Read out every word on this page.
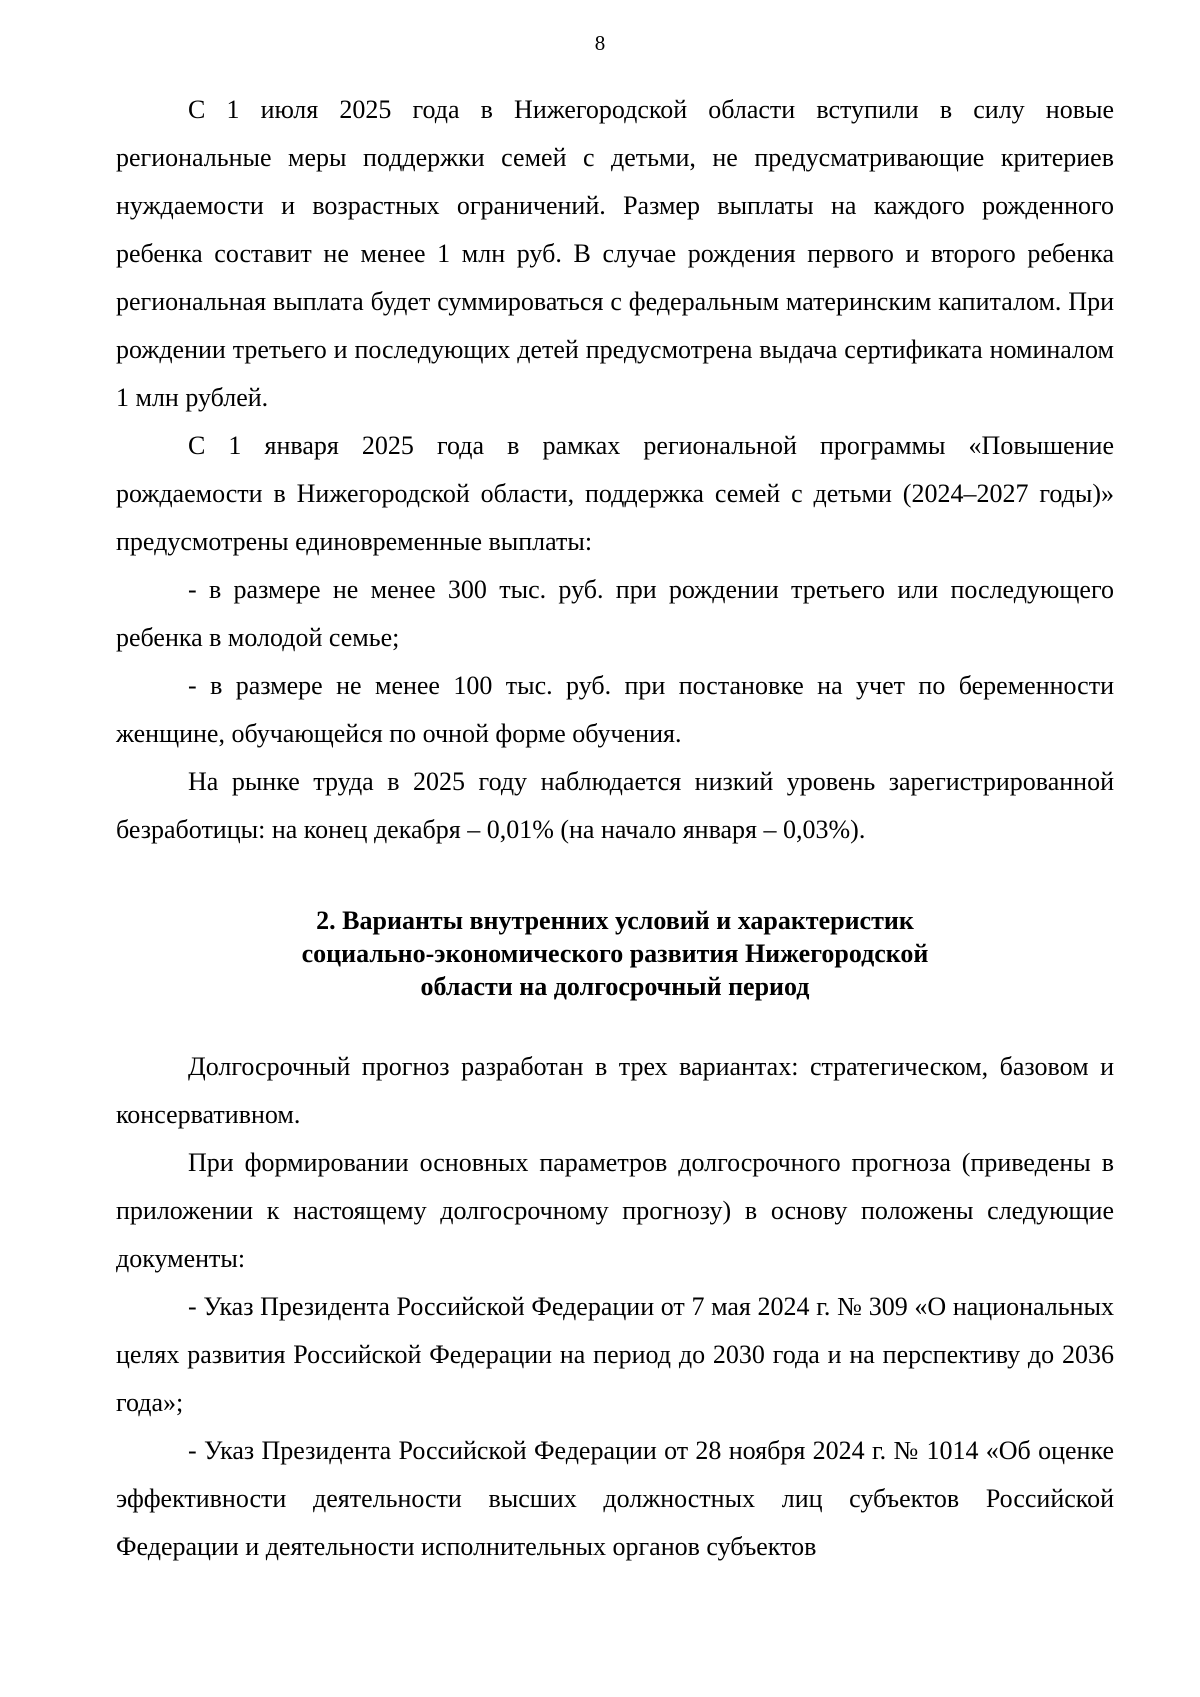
8

С 1 июля 2025 года в Нижегородской области вступили в силу новые региональные меры поддержки семей с детьми, не предусматривающие критериев нуждаемости и возрастных ограничений. Размер выплаты на каждого рожденного ребенка составит не менее 1 млн руб. В случае рождения первого и второго ребенка региональная выплата будет суммироваться с федеральным материнским капиталом. При рождении третьего и последующих детей предусмотрена выдача сертификата номиналом 1 млн рублей.

С 1 января 2025 года в рамках региональной программы «Повышение рождаемости в Нижегородской области, поддержка семей с детьми (2024–2027 годы)» предусмотрены единовременные выплаты:

- в размере не менее 300 тыс. руб. при рождении третьего или последующего ребенка в молодой семье;

- в размере не менее 100 тыс. руб. при постановке на учет по беременности женщине, обучающейся по очной форме обучения.

На рынке труда в 2025 году наблюдается низкий уровень зарегистрированной безработицы: на конец декабря – 0,01% (на начало января – 0,03%).

2. Варианты внутренних условий и характеристик
социально-экономического развития Нижегородской
области на долгосрочный период

Долгосрочный прогноз разработан в трех вариантах: стратегическом, базовом и консервативном.

При формировании основных параметров долгосрочного прогноза (приведены в приложении к настоящему долгосрочному прогнозу) в основу положены следующие документы:

- Указ Президента Российской Федерации от 7 мая 2024 г. № 309 «О национальных целях развития Российской Федерации на период до 2030 года и на перспективу до 2036 года»;

- Указ Президента Российской Федерации от 28 ноября 2024 г. № 1014 «Об оценке эффективности деятельности высших должностных лиц субъектов Российской Федерации и деятельности исполнительных органов субъектов
